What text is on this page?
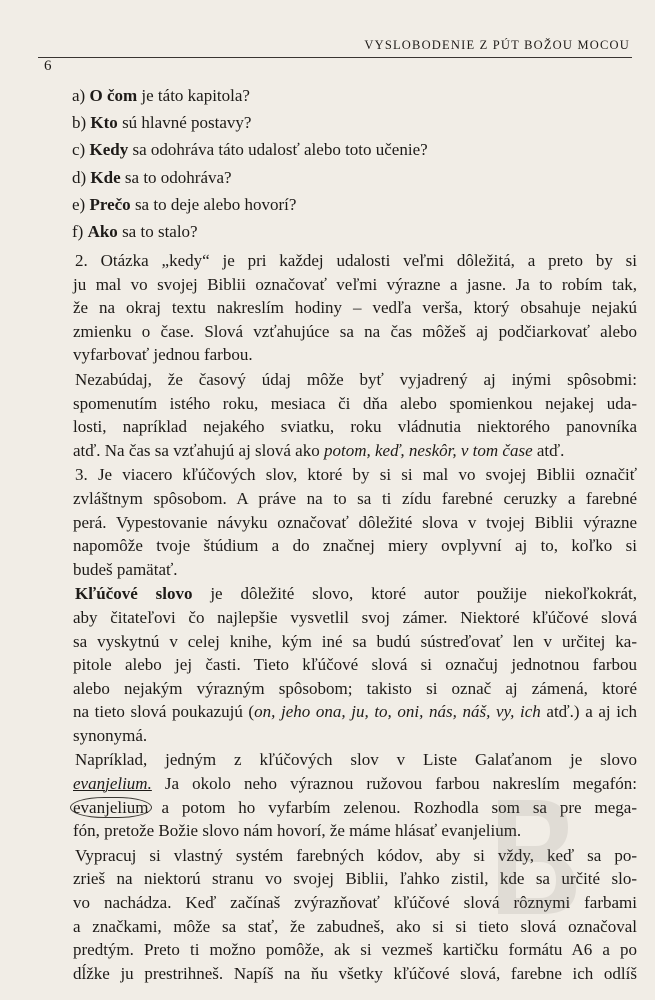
VYSLOBODENIE Z PÚT BOŽOU MOCOU
6
a) O čom je táto kapitola?
b) Kto sú hlavné postavy?
c) Kedy sa odohráva táto udalosť alebo toto učenie?
d) Kde sa to odohráva?
e) Prečo sa to deje alebo hovorí?
f) Ako sa to stalo?

2. Otázka „kedy“ je pri každej udalosti veľmi dôležitá, a preto by si
ju mal vo svojej Biblii označovať veľmi výrazne a jasne. Ja to robím tak,
že na okraj textu nakreslím hodiny – vedľa verša, ktorý obsahuje nejakú
zmienku o čase. Slová vzťahujúce sa na čas môžeš aj podčiarkovať alebo
vyfarbovať jednou farbou.

Nezabúdaj, že časový údaj môže byť vyjadrený aj inými spôsobmi:
spomenutím istého roku, mesiaca či dňa alebo spomienkou nejakej uda-
losti, napríklad nejakého sviatku, roku vládnutia niektorého panovníka
atď. Na čas sa vzťahujú aj slová ako potom, keď, neskôr, v tom čase atď.

3. Je viacero kľúčových slov, ktoré by si si mal vo svojej Biblii označiť
zvláštnym spôsobom. A práve na to sa ti zídu farebné ceruzky a farebné
perá. Vypestovanie návyku označovať dôležité slova v tvojej Biblii výrazne
napomôže tvoje štúdium a do značnej miery ovplyvní aj to, koľko si
budeš pamätať.

Kľúčové slovo je dôležité slovo, ktoré autor použije niekoľkokrát,
aby čitateľovi čo najlepšie vysvetlil svoj zámer. Niektoré kľúčové slová
sa vyskytnú v celej knihe, kým iné sa budú sústreďovať len v určitej ka-
pitole alebo jej časti. Tieto kľúčové slová si označuj jednotnou farbou
alebo nejakým výrazným spôsobom; takisto si označ aj zámená, ktoré
na tieto slová poukazujú (on, jeho ona, ju, to, oni, nás, náš, vy, ich atď.) a aj ich
synonymá.

Napríklad, jedným z kľúčových slov v Liste Galaťanom je slovo
evanjelium. Ja okolo neho výraznou ružovou farbou nakreslím megafón:
evanjelium a potom ho vyfarbím zelenou. Rozhodla som sa pre mega-
fón, pretože Božie slovo nám hovorí, že máme hlásať evanjelium.

Vypracuj si vlastný systém farebných kódov, aby si vždy, keď sa po-
zrieš na niektorú stranu vo svojej Biblii, ľahko zistil, kde sa určité slo-
vo nachádza. Keď začínaš zvýrazňovať kľúčové slová rôznymi farbami
a značkami, môže sa stať, že zabudneš, ako si si tieto slová označoval
predtým. Preto ti možno pomôže, ak si vezmeš kartičku formátu A6 a po
dĺžke ju prestrihneš. Napíš na ňu všetky kľúčové slová, farebne ich odlíš
